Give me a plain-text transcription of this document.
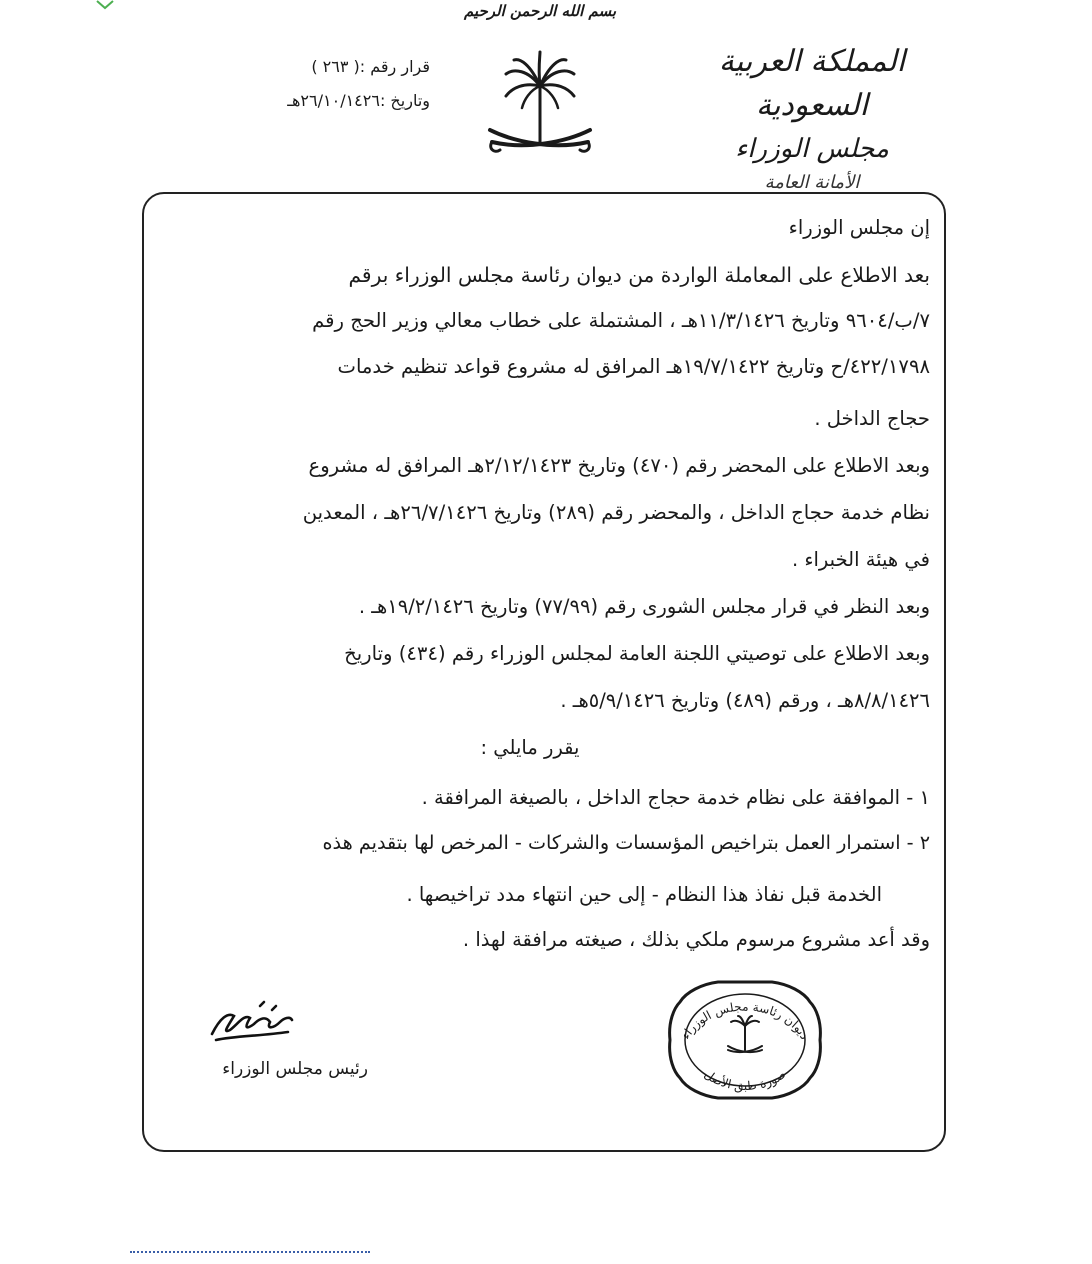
بسم الله الرحمن الرحيم
المملكة العربية السعودية
مجلس الوزراء
الأمانة العامة
قرار رقم :( ٢٦٣ )
وتاريخ :٢٦/١٠/١٤٢٦هـ
إن مجلس الوزراء
بعد الاطلاع على المعاملة الواردة من ديوان رئاسة مجلس الوزراء برقم
٧/ب/٩٦٠٤ وتاريخ ١١/٣/١٤٢٦هـ ، المشتملة على خطاب معالي وزير الحج رقم
٤٢٢/١٧٩٨/ح وتاريخ ١٩/٧/١٤٢٢هـ المرافق له مشروع قواعد تنظيم خدمات
حجاج الداخل .
وبعد الاطلاع على المحضر رقم (٤٧٠) وتاريخ ٢/١٢/١٤٢٣هـ المرافق له مشروع
نظام خدمة حجاج الداخل ، والمحضر رقم (٢٨٩) وتاريخ ٢٦/٧/١٤٢٦هـ ، المعدين
في هيئة الخبراء .
وبعد النظر في قرار مجلس الشورى رقم (٧٧/٩٩) وتاريخ ١٩/٢/١٤٢٦هـ .
وبعد الاطلاع على توصيتي اللجنة العامة لمجلس الوزراء رقم (٤٣٤) وتاريخ
٨/٨/١٤٢٦هـ ، ورقم (٤٨٩) وتاريخ ٥/٩/١٤٢٦هـ .
يقرر مايلي :
١ - الموافقة على نظام خدمة حجاج الداخل ، بالصيغة المرافقة .
٢ - استمرار العمل بتراخيص المؤسسات والشركات - المرخص لها بتقديم هذه
الخدمة قبل نفاذ هذا النظام - إلى حين انتهاء مدد تراخيصها .
وقد أعد مشروع مرسوم ملكي بذلك ، صيغته مرافقة لهذا .
ديوان رئاسة مجلس الوزراء
صورة طبق الأصل
رئيس مجلس الوزراء
